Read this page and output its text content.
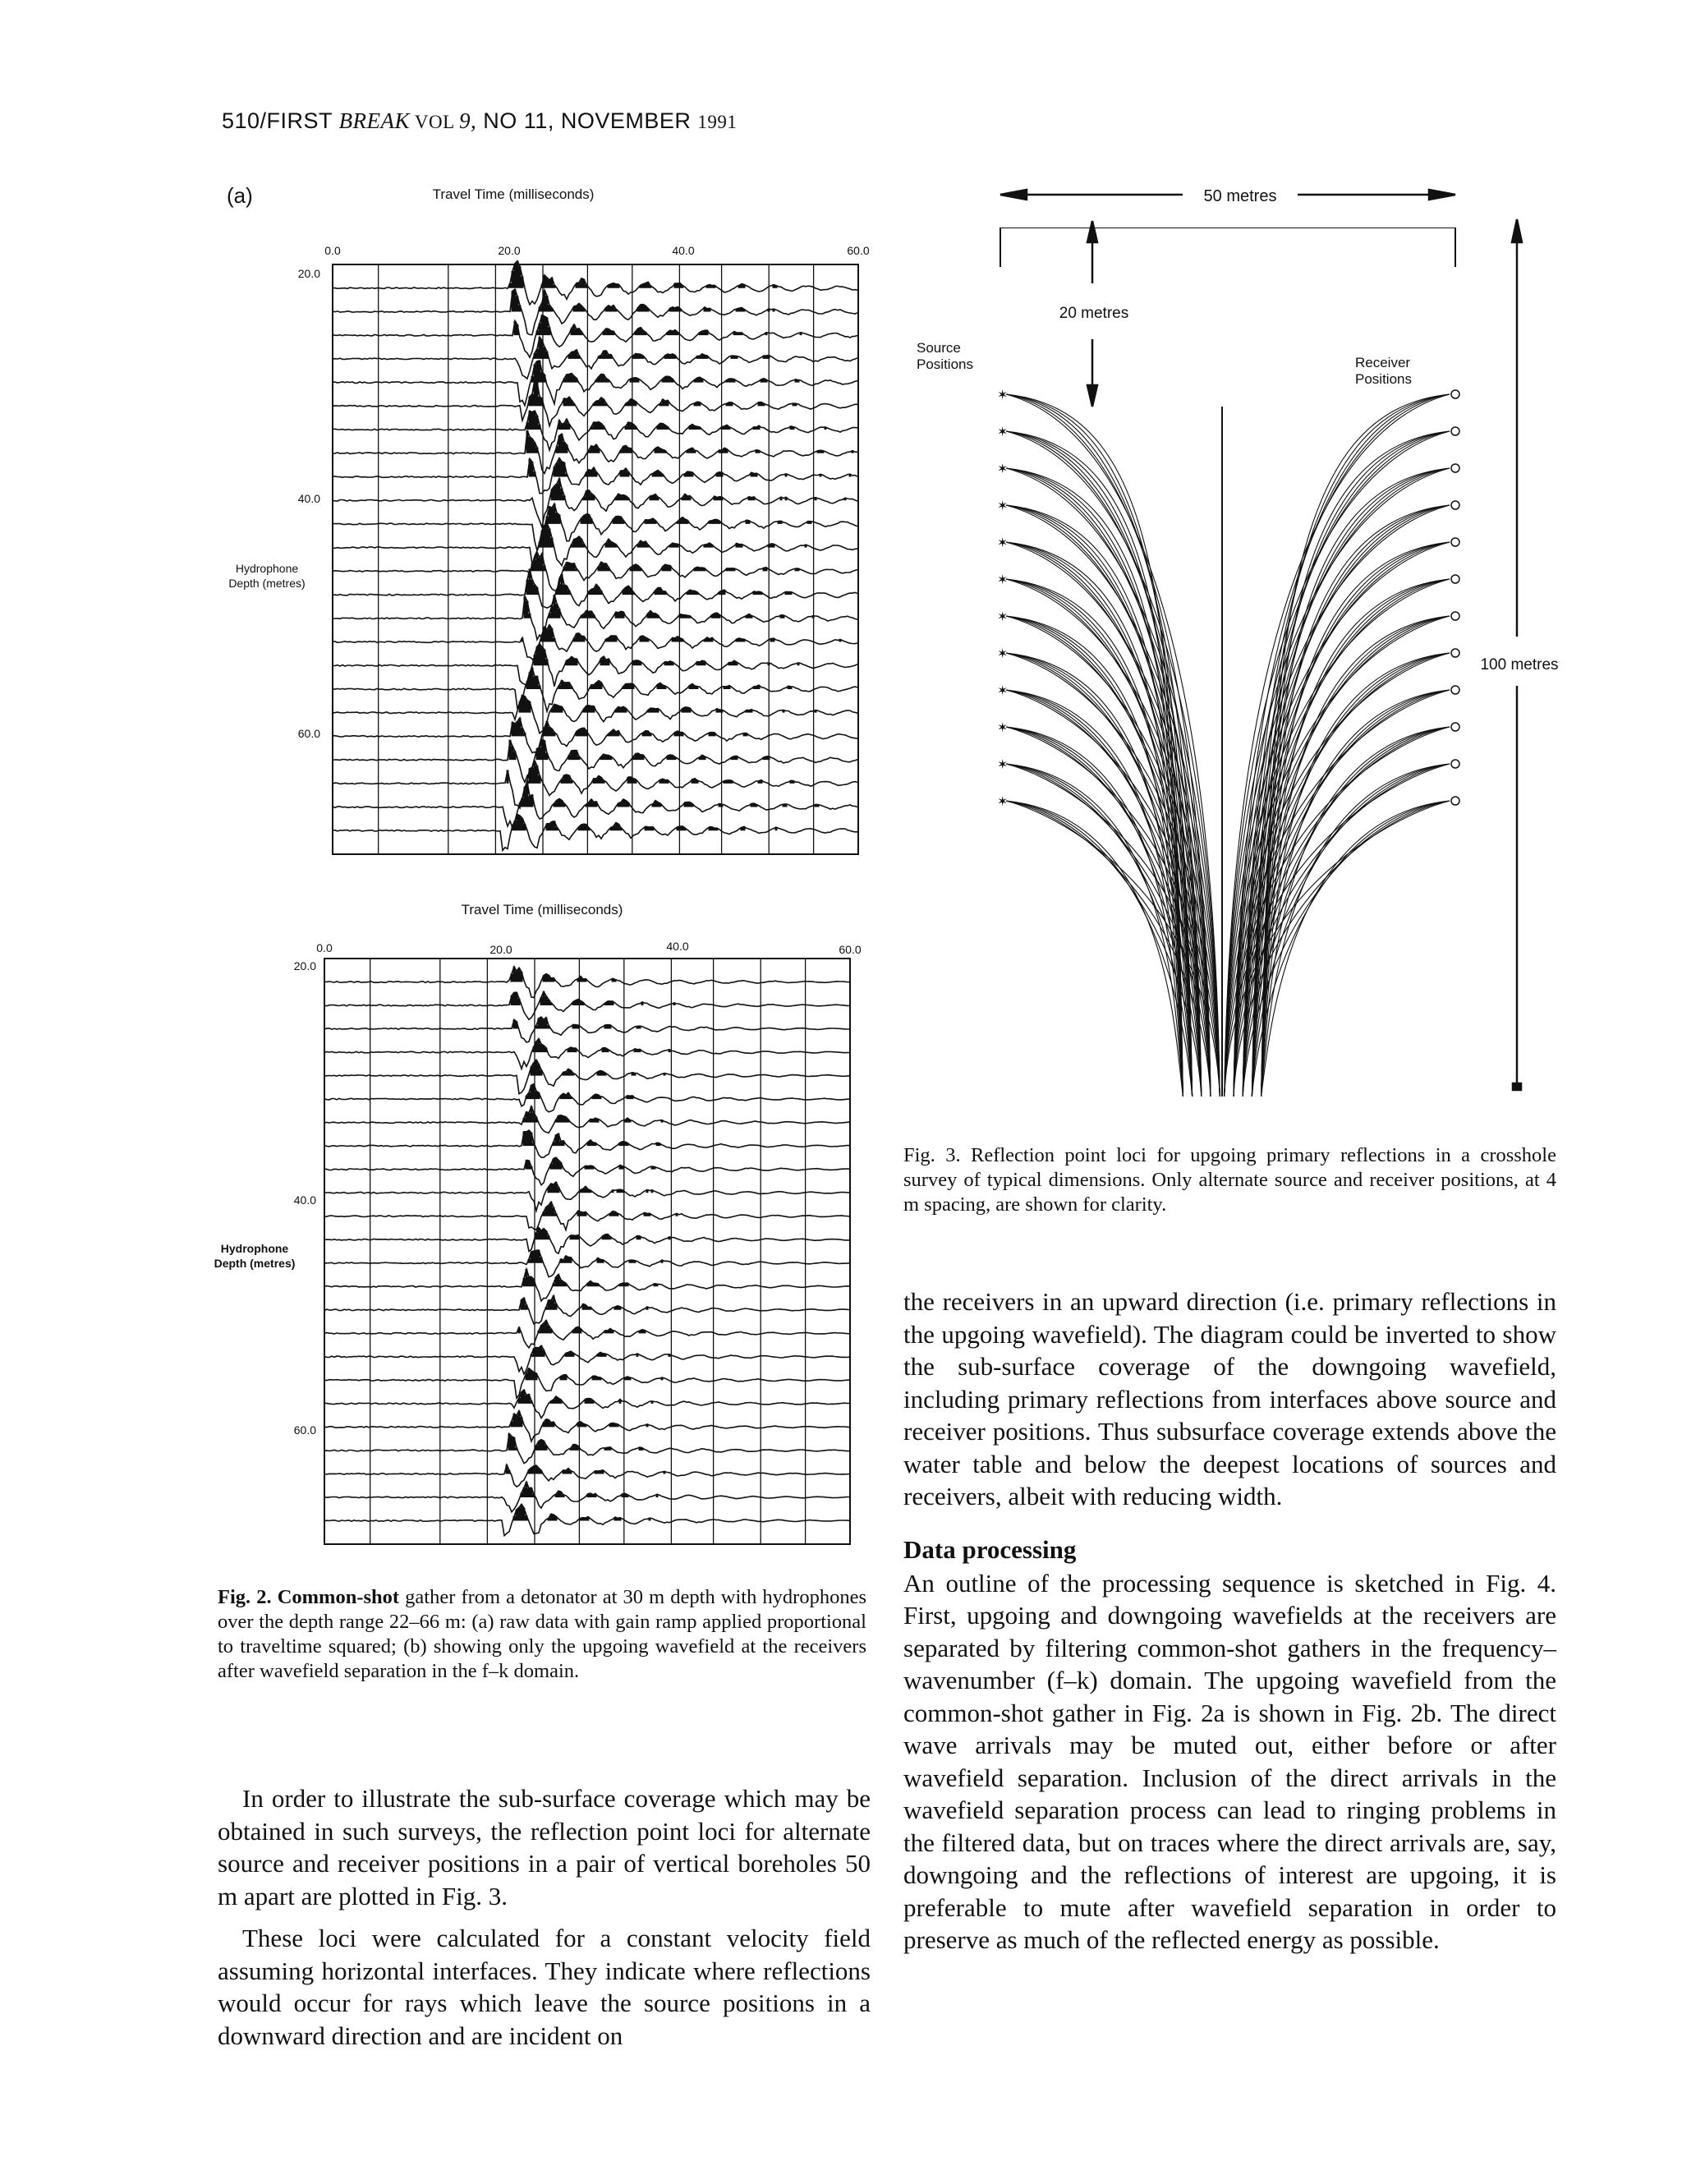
510/FIRST BREAK VOL 9, NO 11, NOVEMBER 1991
(a)	Travel Time (milliseconds)
0.0	20.0	40.0	60.0
20.0
40.0
60.0
Hydrophone
Depth (metres)
Travel Time (milliseconds)
0.0	20.0	40.0	60.0
20.0
40.0
60.0
Hydrophone
Depth (metres)
50 metres
20 metres
100 metres
Source
Positions	Receiver
Positions
✶
✶
✶
✶
✶
✶
✶
✶
✶
✶
✶
✶
Fig. 2. Common-shot gather from a detonator at 30 m depth with hydrophones over the depth range 22–66 m: (a) raw data with gain ramp applied proportional to traveltime squared; (b) showing only the upgoing wavefield at the receivers after wavefield separation in the f–k domain.
Fig. 3. Reflection point loci for upgoing primary reflections in a crosshole survey of typical dimensions. Only alternate source and receiver positions, at 4 m spacing, are shown for clarity.

In order to illustrate the sub-surface coverage which may be obtained in such surveys, the reflection point loci for alternate source and receiver positions in a pair of vertical boreholes 50 m apart are plotted in Fig. 3.

These loci were calculated for a constant velocity field assuming horizontal interfaces. They indicate where reflections would occur for rays which leave the source positions in a downward direction and are incident on

the receivers in an upward direction (i.e. primary reflections in the upgoing wavefield). The diagram could be inverted to show the sub-surface coverage of the downgoing wavefield, including primary reflections from interfaces above source and receiver positions. Thus subsurface coverage extends above the water table and below the deepest locations of sources and receivers, albeit with reducing width.

Data processing

An outline of the processing sequence is sketched in Fig. 4. First, upgoing and downgoing wavefields at the receivers are separated by filtering common-shot gathers in the frequency–wavenumber (f–k) domain. The upgoing wavefield from the common-shot gather in Fig. 2a is shown in Fig. 2b. The direct wave arrivals may be muted out, either before or after wavefield separation. Inclusion of the direct arrivals in the wavefield separation process can lead to ringing problems in the filtered data, but on traces where the direct arrivals are, say, downgoing and the reflections of interest are upgoing, it is preferable to mute after wavefield separation in order to preserve as much of the reflected energy as possible.
